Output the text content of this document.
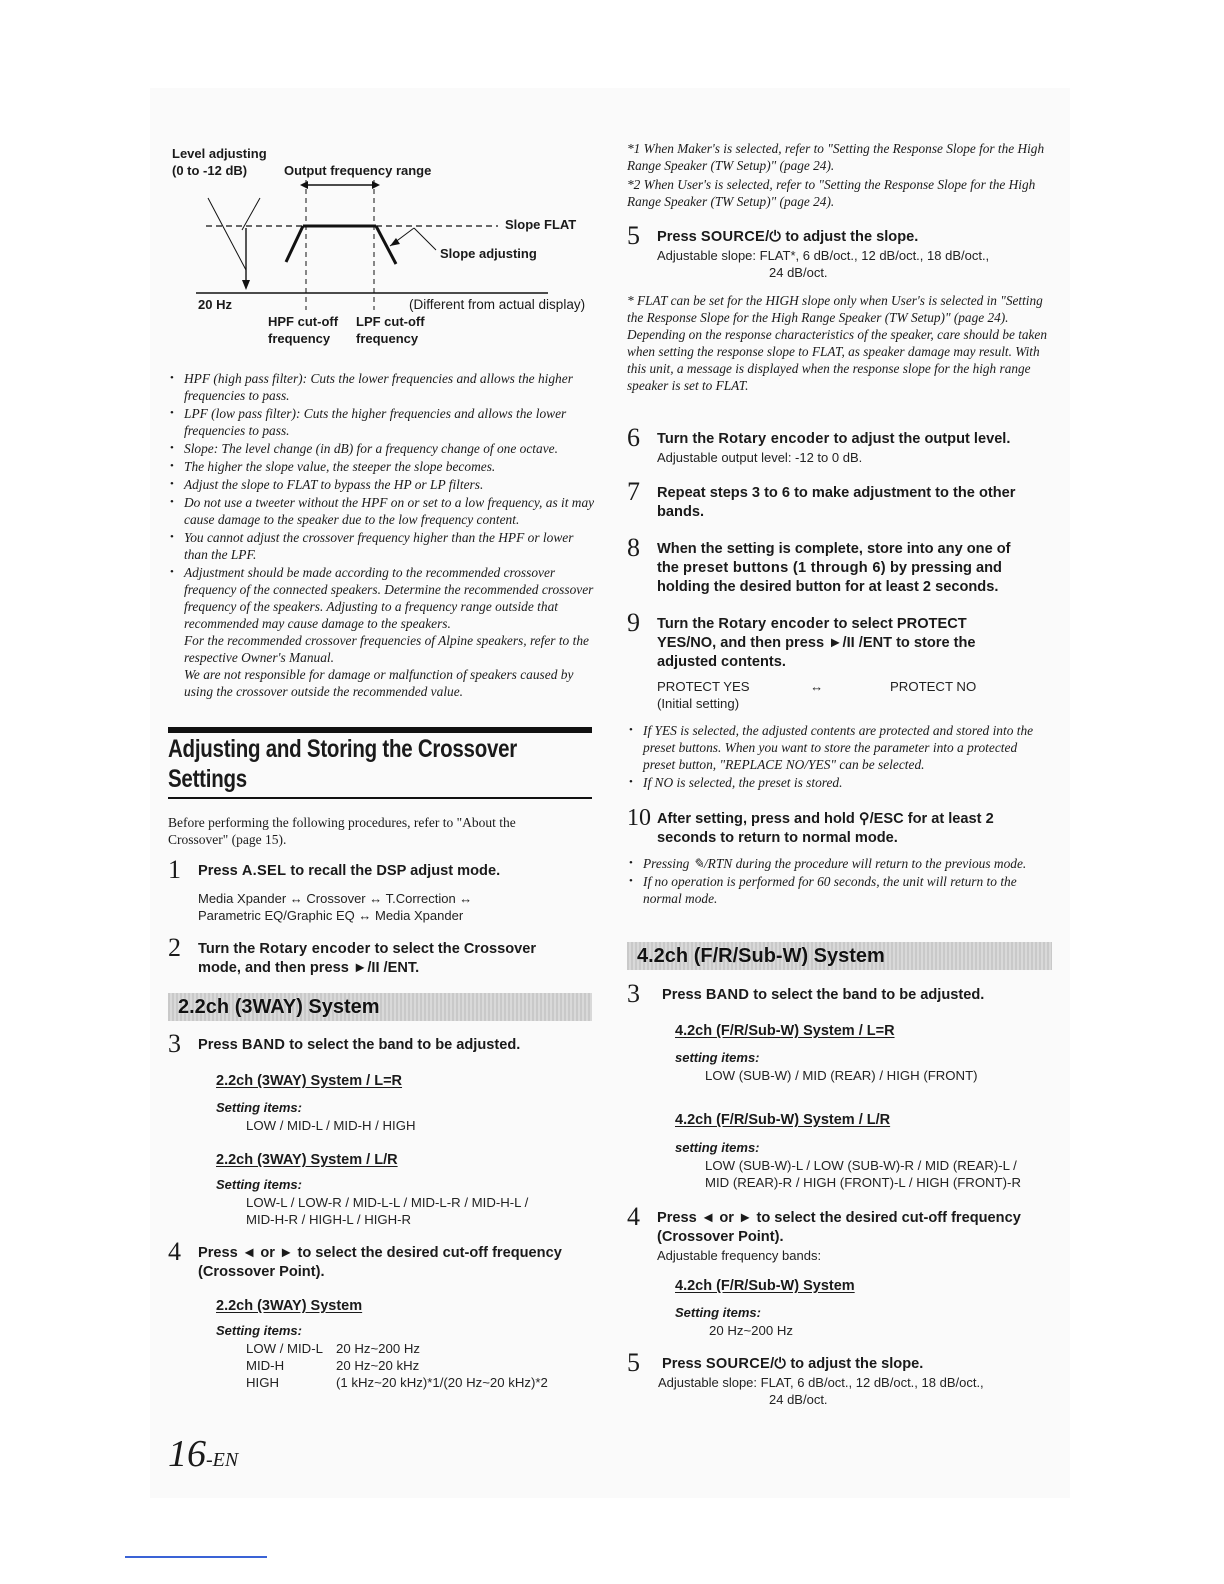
Level adjusting
(0 to -12 dB)	Output frequency range
Slope FLAT
Slope adjusting
20 Hz	(Different from actual display)
HPF cut-off
frequency
LPF cut-off
frequency
• HPF (high pass filter): Cuts the lower frequencies and allows the higher frequencies to pass.
• LPF (low pass filter): Cuts the higher frequencies and allows the lower frequencies to pass.
• Slope: The level change (in dB) for a frequency change of one octave.
• The higher the slope value, the steeper the slope becomes.
• Adjust the slope to FLAT to bypass the HP or LP filters.
• Do not use a tweeter without the HPF on or set to a low frequency, as it may cause damage to the speaker due to the low frequency content.
• You cannot adjust the crossover frequency higher than the HPF or lower than the LPF.
• Adjustment should be made according to the recommended crossover frequency of the connected speakers. Determine the recommended crossover frequency of the speakers. Adjusting to a frequency range outside that recommended may cause damage to the speakers.
For the recommended crossover frequencies of Alpine speakers, refer to the respective Owner's Manual.
We are not responsible for damage or malfunction of speakers caused by using the crossover outside the recommended value.
Adjusting and Storing the Crossover
Settings
Before performing the following procedures, refer to "About the Crossover" (page 15).
1 Press A.SEL to recall the DSP adjust mode.
Media Xpander ↔ Crossover ↔ T.Correction ↔
Parametric EQ/Graphic EQ ↔ Media Xpander
2 Turn the Rotary encoder to select the Crossover
mode, and then press ►/II /ENT.
2.2ch (3WAY) System
3 Press BAND to select the band to be adjusted.
2.2ch (3WAY) System / L=R
Setting items:
LOW / MID-L / MID-H / HIGH
2.2ch (3WAY) System / L/R
Setting items:
LOW-L / LOW-R / MID-L-L / MID-L-R / MID-H-L /
MID-H-R / HIGH-L / HIGH-R
4 Press ◄ or ► to select the desired cut-off frequency
(Crossover Point).
2.2ch (3WAY) System
Setting items:
LOW / MID-L	20 Hz~200 Hz
MID-H	20 Hz~20 kHz
HIGH	(1 kHz~20 kHz)*1/(20 Hz~20 kHz)*2
16-EN
*1 When Maker's is selected, refer to "Setting the Response Slope for the High Range Speaker (TW Setup)" (page 24).
*2 When User's is selected, refer to "Setting the Response Slope for the High Range Speaker (TW Setup)" (page 24).
5 Press SOURCE/⏻ to adjust the slope.
Adjustable slope: FLAT*, 6 dB/oct., 12 dB/oct., 18 dB/oct.,
24 dB/oct.
* FLAT can be set for the HIGH slope only when User's is selected in "Setting the Response Slope for the High Range Speaker (TW Setup)" (page 24). Depending on the response characteristics of the speaker, care should be taken when setting the response slope to FLAT, as speaker damage may result. With this unit, a message is displayed when the response slope for the high range speaker is set to FLAT.
6 Turn the Rotary encoder to adjust the output level.
Adjustable output level: -12 to 0 dB.
7 Repeat steps 3 to 6 to make adjustment to the other
bands.
8 When the setting is complete, store into any one of
the preset buttons (1 through 6) by pressing and
holding the desired button for at least 2 seconds.
9 Turn the Rotary encoder to select PROTECT
YES/NO, and then press ►/II /ENT to store the
adjusted contents.
PROTECT YES	↔	PROTECT NO
(Initial setting)
• If YES is selected, the adjusted contents are protected and stored into the preset buttons. When you want to store the parameter into a protected preset button, "REPLACE NO/YES" can be selected.
• If NO is selected, the preset is stored.
10 After setting, press and hold ⚲/ESC for at least 2
seconds to return to normal mode.
• Pressing ✎/RTN during the procedure will return to the previous mode.
• If no operation is performed for 60 seconds, the unit will return to the normal mode.
4.2ch (F/R/Sub-W) System
3 Press BAND to select the band to be adjusted.
4.2ch (F/R/Sub-W) System / L=R
setting items:
LOW (SUB-W) / MID (REAR) / HIGH (FRONT)
4.2ch (F/R/Sub-W) System / L/R
setting items:
LOW (SUB-W)-L / LOW (SUB-W)-R / MID (REAR)-L /
MID (REAR)-R / HIGH (FRONT)-L / HIGH (FRONT)-R
4 Press ◄ or ► to select the desired cut-off frequency
(Crossover Point).
Adjustable frequency bands:
4.2ch (F/R/Sub-W) System
Setting items:
20 Hz~200 Hz
5 Press SOURCE/⏻ to adjust the slope.
Adjustable slope: FLAT, 6 dB/oct., 12 dB/oct., 18 dB/oct.,
24 dB/oct.
